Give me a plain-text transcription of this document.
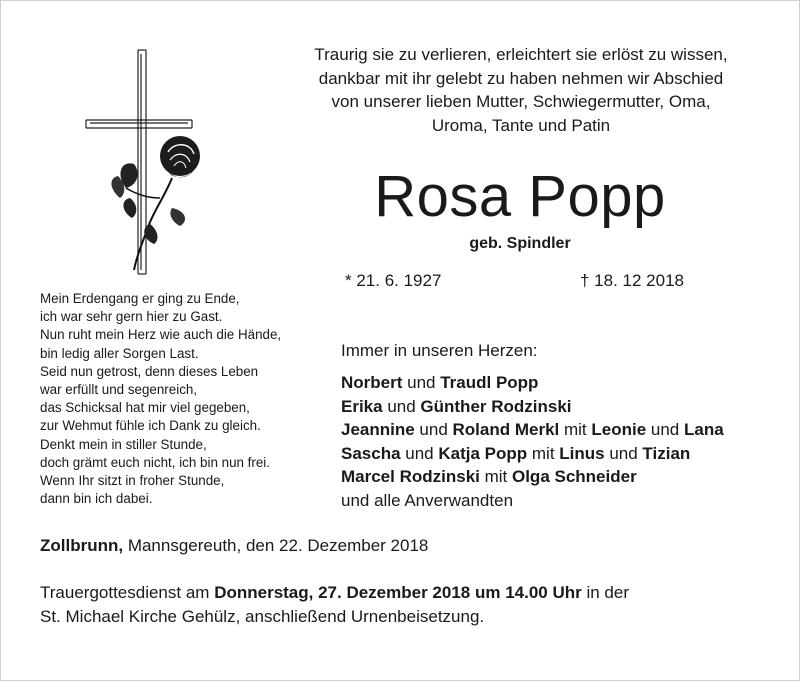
Traurig sie zu verlieren, erleichtert sie erlöst zu wissen,
dankbar mit ihr gelebt zu haben nehmen wir Abschied
von unserer lieben Mutter, Schwiegermutter, Oma,
Uroma, Tante und Patin
Rosa Popp
geb. Spindler
* 21. 6. 1927	† 18. 12 2018
Mein Erdengang er ging zu Ende,
ich war sehr gern hier zu Gast.
Nun ruht mein Herz wie auch die Hände,
bin ledig aller Sorgen Last.
Seid nun getrost, denn dieses Leben
war erfüllt und segenreich,
das Schicksal hat mir viel gegeben,
zur Wehmut fühle ich Dank zu gleich.
Denkt mein in stiller Stunde,
doch grämt euch nicht, ich bin nun frei.
Wenn Ihr sitzt in froher Stunde,
dann bin ich dabei.
Immer in unseren Herzen:
Norbert und Traudl Popp
Erika und Günther Rodzinski
Jeannine und Roland Merkl mit Leonie und Lana
Sascha und Katja Popp mit Linus und Tizian
Marcel Rodzinski mit Olga Schneider
und alle Anverwandten
Zollbrunn, Mannsgereuth, den 22. Dezember 2018
Trauergottesdienst am Donnerstag, 27. Dezember 2018 um 14.00 Uhr in der
St. Michael Kirche Gehülz, anschließend Urnenbeisetzung.
